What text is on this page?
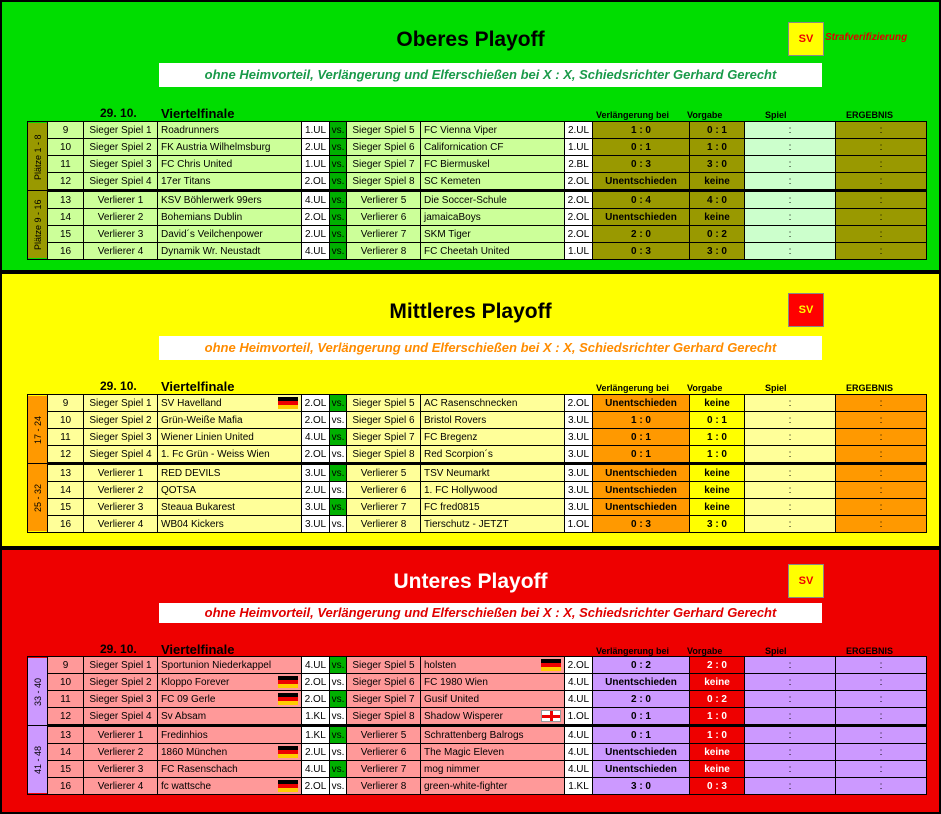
Oberes Playoff	SV	Strafverifizierung
ohne Heimvorteil, Verlängerung und Elferschießen bei X : X, Schiedsrichter Gerhard Gerecht
29. 10. Viertelfinale	Verlängerung bei Vorgabe	Spiel	ERGEBNIS
Plätze 1 - 8	9	Sieger Spiel 1	Roadrunners	1.UL	vs.	Sieger Spiel 5	FC Vienna Viper	2.UL	1 : 0	0 : 1	:	:
	10	Sieger Spiel 2	FK Austria Wilhelmsburg	2.UL	vs.	Sieger Spiel 6	Californication CF	1.UL	0 : 1	1 : 0	:	:
	11	Sieger Spiel 3	FC Chris United	1.UL	vs.	Sieger Spiel 7	FC Biermuskel	2.BL	0 : 3	3 : 0	:	:
	12	Sieger Spiel 4	17er Titans	2.OL	vs.	Sieger Spiel 8	SC Kemeten	2.OL	Unentschieden	keine	:	:
Plätze 9 - 16	13	Verlierer 1	KSV Böhlerwerk 99ers	4.UL	vs.	Verlierer 5	Die Soccer-Schule	2.OL	0 : 4	4 : 0	:	:
	14	Verlierer 2	Bohemians Dublin	2.OL	vs.	Verlierer 6	jamaicaBoys	2.OL	Unentschieden	keine	:	:
	15	Verlierer 3	David´s Veilchenpower	2.UL	vs.	Verlierer 7	SKM Tiger	2.OL	2 : 0	0 : 2	:	:
	16	Verlierer 4	Dynamik Wr. Neustadt	4.UL	vs.	Verlierer 8	FC Cheetah United	1.UL	0 : 3	3 : 0	:	:
Mittleres Playoff	SV
ohne Heimvorteil, Verlängerung und Elferschießen bei X : X, Schiedsrichter Gerhard Gerecht
29. 10. Viertelfinale	Verlängerung bei Vorgabe	Spiel	ERGEBNIS
17 - 24	9	Sieger Spiel 1	SV Havelland	2.OL	vs.	Sieger Spiel 5	AC Rasenschnecken	2.OL	Unentschieden	keine	:	:
	10	Sieger Spiel 2	Grün-Weiße Mafia	2.OL	vs.	Sieger Spiel 6	Bristol Rovers	3.UL	1 : 0	0 : 1	:	:
	11	Sieger Spiel 3	Wiener Linien United	4.UL	vs.	Sieger Spiel 7	FC Bregenz	3.UL	0 : 1	1 : 0	:	:
	12	Sieger Spiel 4	1. Fc Grün - Weiss Wien	2.OL	vs.	Sieger Spiel 8	Red Scorpion´s	3.UL	0 : 1	1 : 0	:	:
25 - 32	13	Verlierer 1	RED DEVILS	3.UL	vs.	Verlierer 5	TSV Neumarkt	3.UL	Unentschieden	keine	:	:
	14	Verlierer 2	QOTSA	2.UL	vs.	Verlierer 6	1. FC Hollywood	3.UL	Unentschieden	keine	:	:
	15	Verlierer 3	Steaua Bukarest	3.UL	vs.	Verlierer 7	FC fred0815	3.UL	Unentschieden	keine	:	:
	16	Verlierer 4	WB04 Kickers	3.UL	vs.	Verlierer 8	Tierschutz - JETZT	1.OL	0 : 3	3 : 0	:	:
Unteres Playoff	SV
ohne Heimvorteil, Verlängerung und Elferschießen bei X : X, Schiedsrichter Gerhard Gerecht
29. 10. Viertelfinale	Verlängerung bei Vorgabe	Spiel	ERGEBNIS
33 - 40	9	Sieger Spiel 1	Sportunion Niederkappel	4.UL	vs.	Sieger Spiel 5	holsten	2.OL	0 : 2	2 : 0	:	:
	10	Sieger Spiel 2	Kloppo Forever	2.OL	vs.	Sieger Spiel 6	FC 1980 Wien	4.UL	Unentschieden	keine	:	:
	11	Sieger Spiel 3	FC 09 Gerle	2.OL	vs.	Sieger Spiel 7	Gusif United	4.UL	2 : 0	0 : 2	:	:
	12	Sieger Spiel 4	Sv Absam	1.KL	vs.	Sieger Spiel 8	Shadow Wisperer	1.OL	0 : 1	1 : 0	:	:
41 - 48	13	Verlierer 1	Fredinhios	1.KL	vs.	Verlierer 5	Schrattenberg Balrogs	4.UL	0 : 1	1 : 0	:	:
	14	Verlierer 2	1860 München	2.UL	vs.	Verlierer 6	The Magic Eleven	4.UL	Unentschieden	keine	:	:
	15	Verlierer 3	FC Rasenschach	4.UL	vs.	Verlierer 7	mog nimmer	4.UL	Unentschieden	keine	:	:
	16	Verlierer 4	fc wattsche	2.OL	vs.	Verlierer 8	green-white-fighter	1.KL	3 : 0	0 : 3	:	:
